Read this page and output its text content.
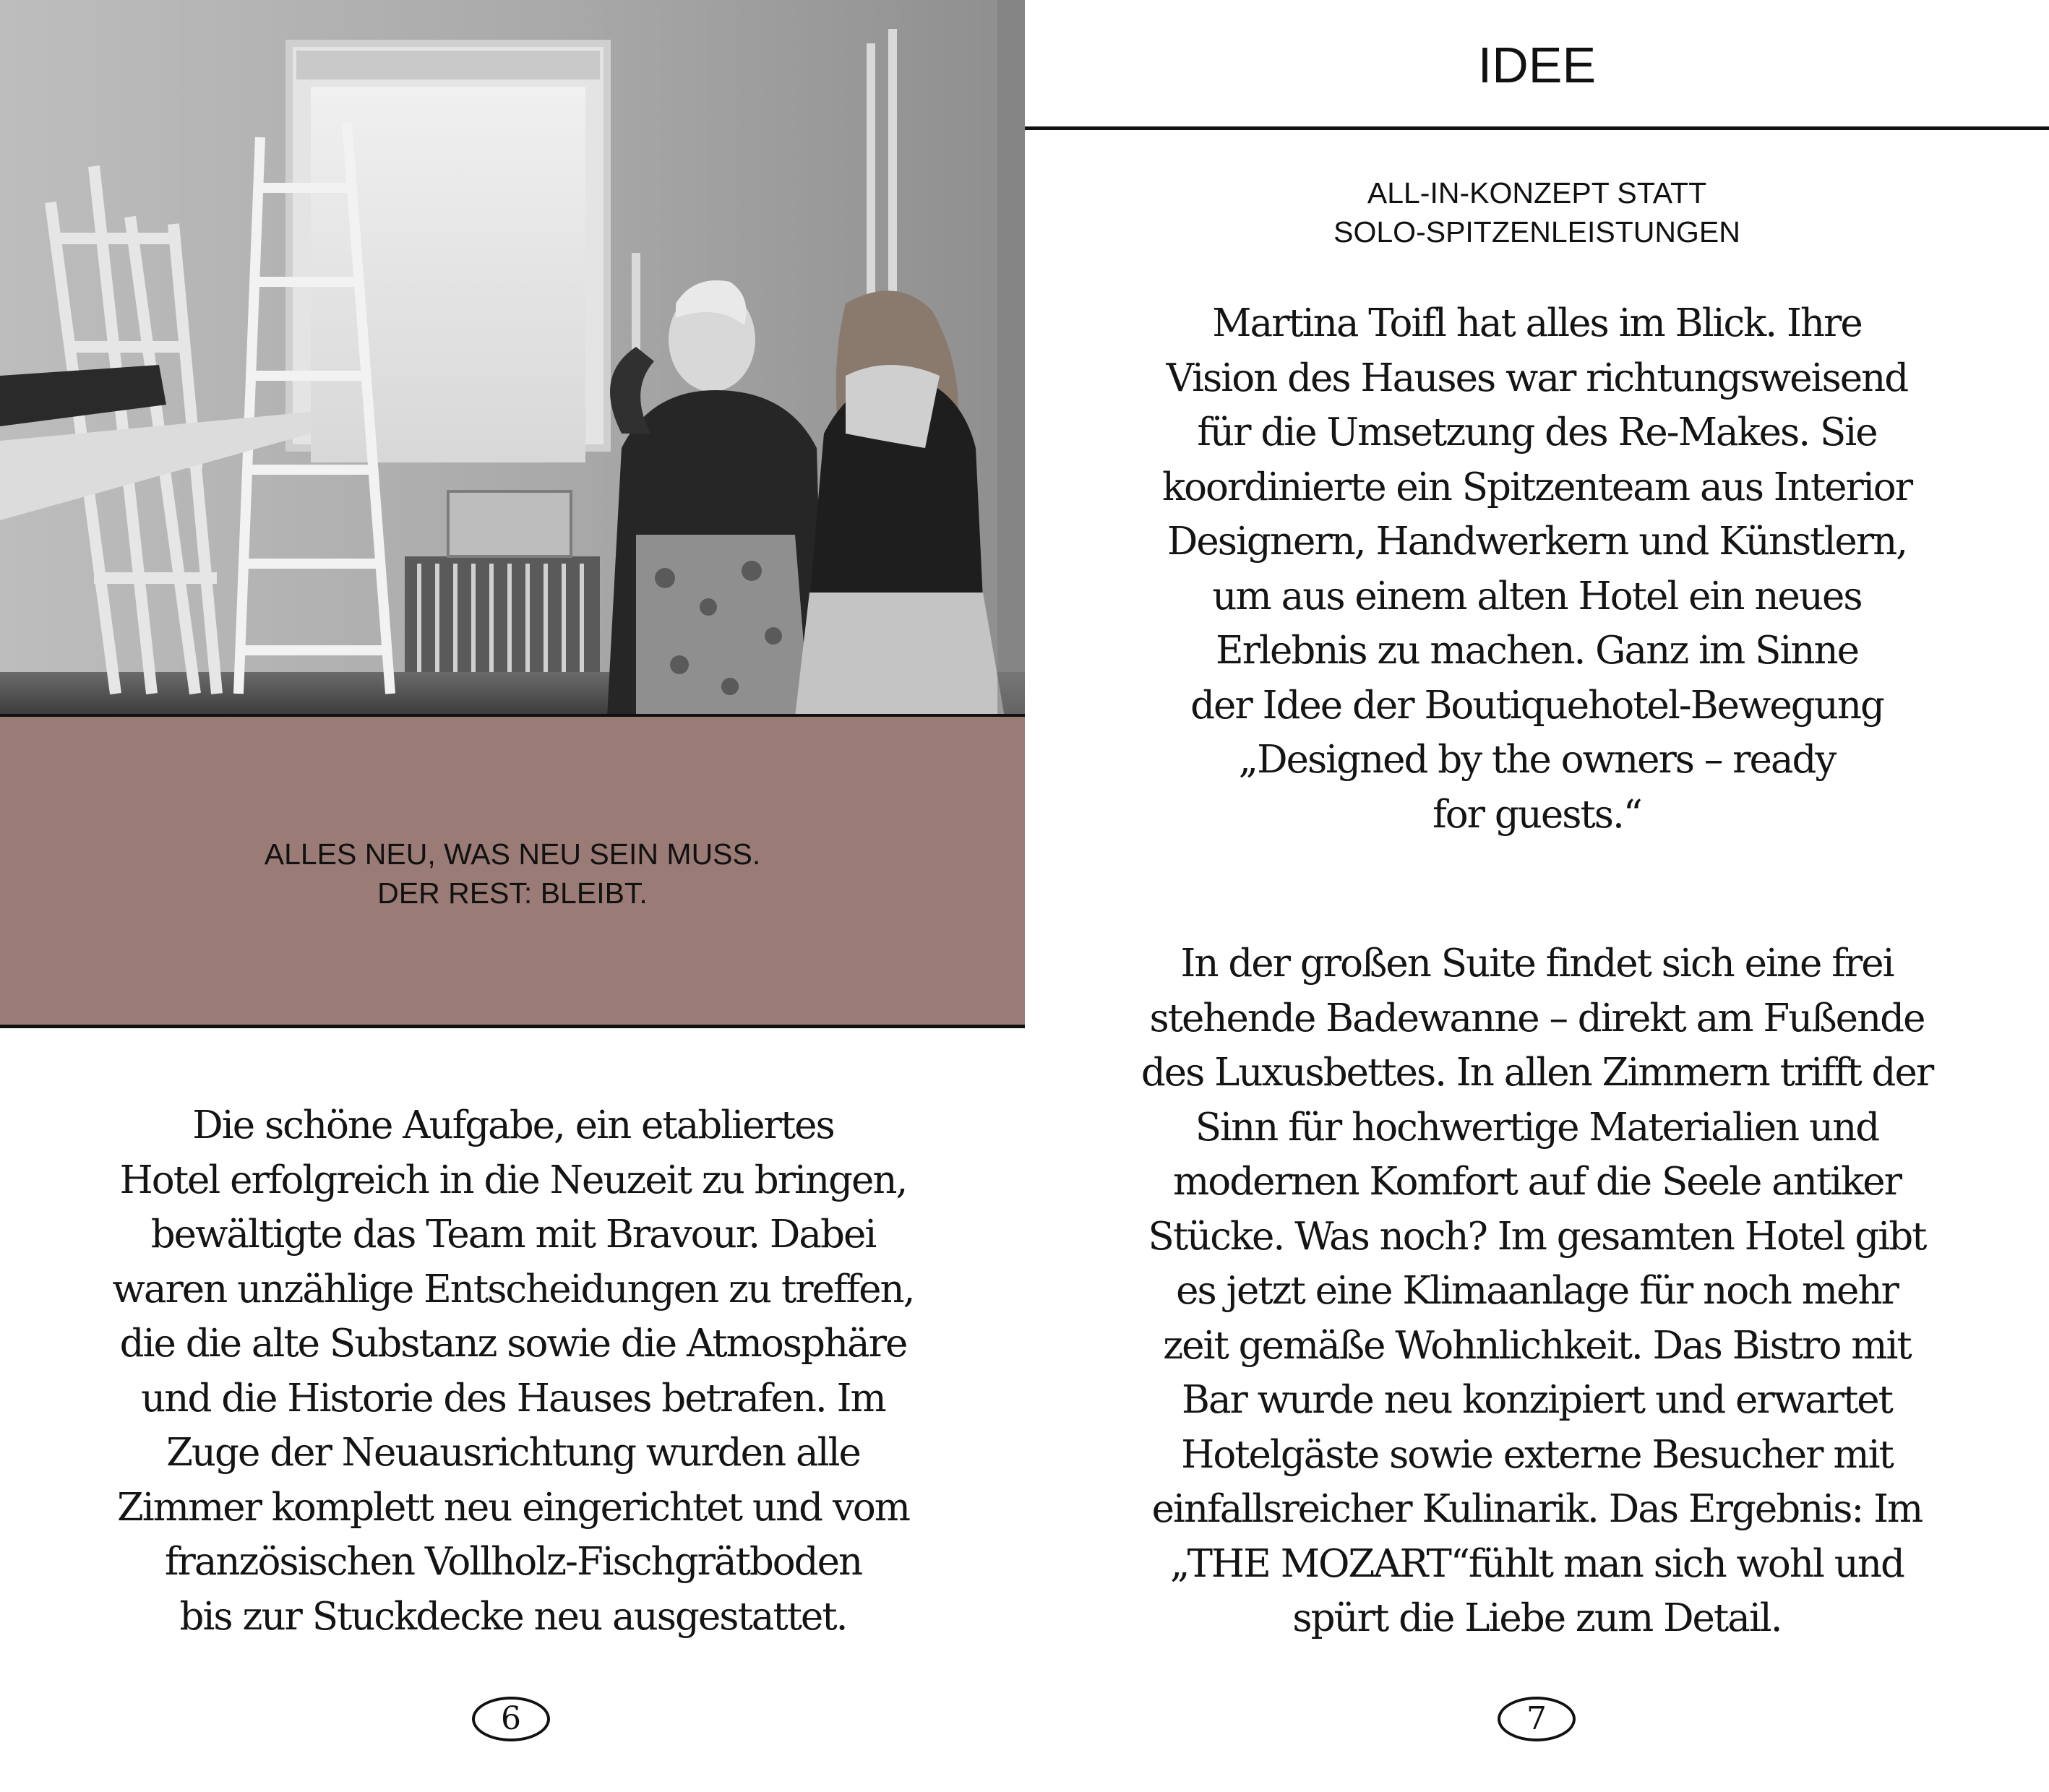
ALLES NEU, WAS NEU SEIN MUSS.
DER REST: BLEIBT.
Die schöne Aufgabe, ein etabliertes
Hotel erfolgreich in die Neuzeit zu bringen,
bewältigte das Team mit Bravour. Dabei
waren unzählige Entscheidungen zu treffen,
die die alte Substanz sowie die Atmosphäre
und die Historie des Hauses betrafen. Im
Zuge der Neuausrichtung wurden alle
Zimmer komplett neu eingerichtet und vom
französischen Vollholz-Fischgrätboden
bis zur Stuckdecke neu ausgestattet.
6
IDEE
ALL-IN-KONZEPT STATT
SOLO-SPITZENLEISTUNGEN
Martina Toifl hat alles im Blick. Ihre
Vision des Hauses war richtungsweisend
für die Umsetzung des Re-Makes. Sie
koordinierte ein Spitzenteam aus Interior
Designern, Handwerkern und Künstlern,
um aus einem alten Hotel ein neues
Erlebnis zu machen. Ganz im Sinne
der Idee der Boutiquehotel-Bewegung
„Designed by the owners – ready
for guests.“
In der großen Suite findet sich eine frei
stehende Badewanne – direkt am Fußende
des Luxusbettes. In allen Zimmern trifft der
Sinn für hochwertige Materialien und
modernen Komfort auf die Seele antiker
Stücke. Was noch? Im gesamten Hotel gibt
es jetzt eine Klimaanlage für noch mehr
zeit gemäße Wohnlichkeit. Das Bistro mit
Bar wurde neu konzipiert und erwartet
Hotelgäste sowie externe Besucher mit
einfallsreicher Kulinarik. Das Ergebnis: Im
„THE MOZART“fühlt man sich wohl und
spürt die Liebe zum Detail.
7
